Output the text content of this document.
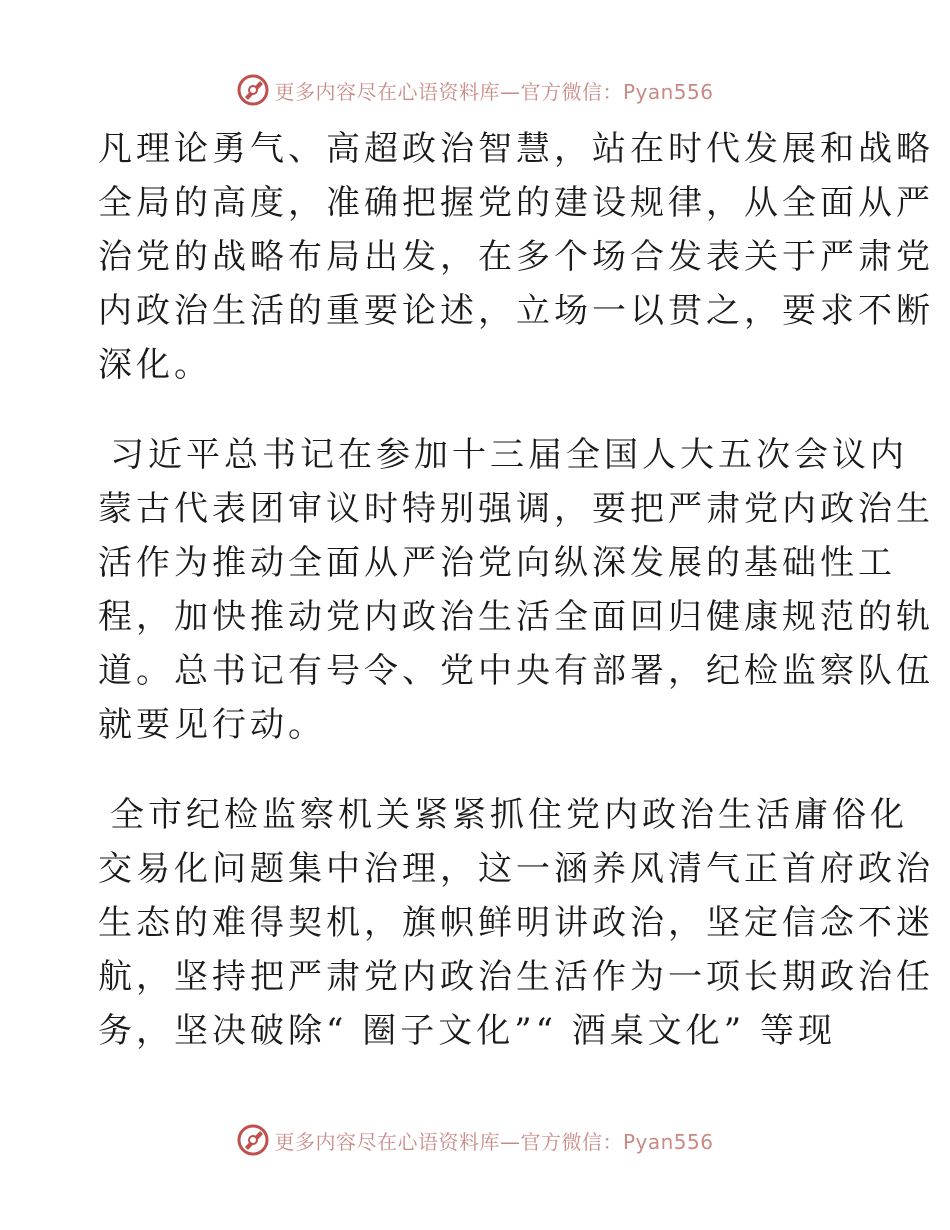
更多内容尽在心语资料库—官方微信：Pyan556
凡理论勇气、高超政治智慧，站在时代发展和战略
全局的高度，准确把握党的建设规律，从全面从严
治党的战略布局出发，在多个场合发表关于严肃党
内政治生活的重要论述，立场一以贯之，要求不断
深化。
习近平总书记在参加十三届全国人大五次会议内
蒙古代表团审议时特别强调，要把严肃党内政治生
活作为推动全面从严治党向纵深发展的基础性工
程，加快推动党内政治生活全面回归健康规范的轨
道。总书记有号令、党中央有部署，纪检监察队伍
就要见行动。
全市纪检监察机关紧紧抓住党内政治生活庸俗化
交易化问题集中治理，这一涵养风清气正首府政治
生态的难得契机，旗帜鲜明讲政治，坚定信念不迷
航，坚持把严肃党内政治生活作为一项长期政治任
务，坚决破除“ 圈子文化”“ 酒桌文化” 等现
更多内容尽在心语资料库—官方微信：Pyan556
